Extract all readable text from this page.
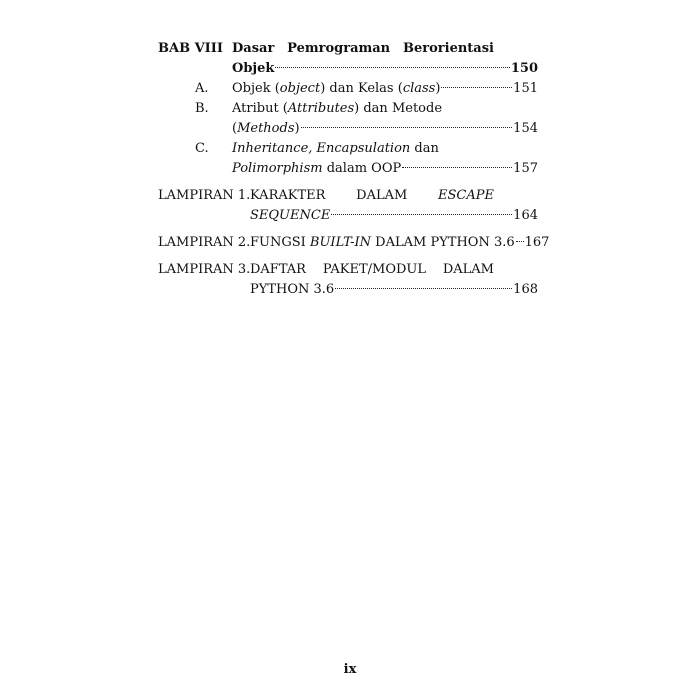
BAB VIII Dasar Pemrograman Berorientasi
Objek	150
A. Objek (object) dan Kelas (class)	151
B. Atribut (Attributes) dan Metode
(Methods)	154
C. Inheritance, Encapsulation dan
Polimorphism dalam OOP	157
LAMPIRAN 1. KARAKTER DALAM ESCAPE
SEQUENCE	164
LAMPIRAN 2. FUNGSI BUILT-IN DALAM PYTHON 3.6 167
LAMPIRAN 3. DAFTAR PAKET/MODUL DALAM
PYTHON 3.6	168
ix
